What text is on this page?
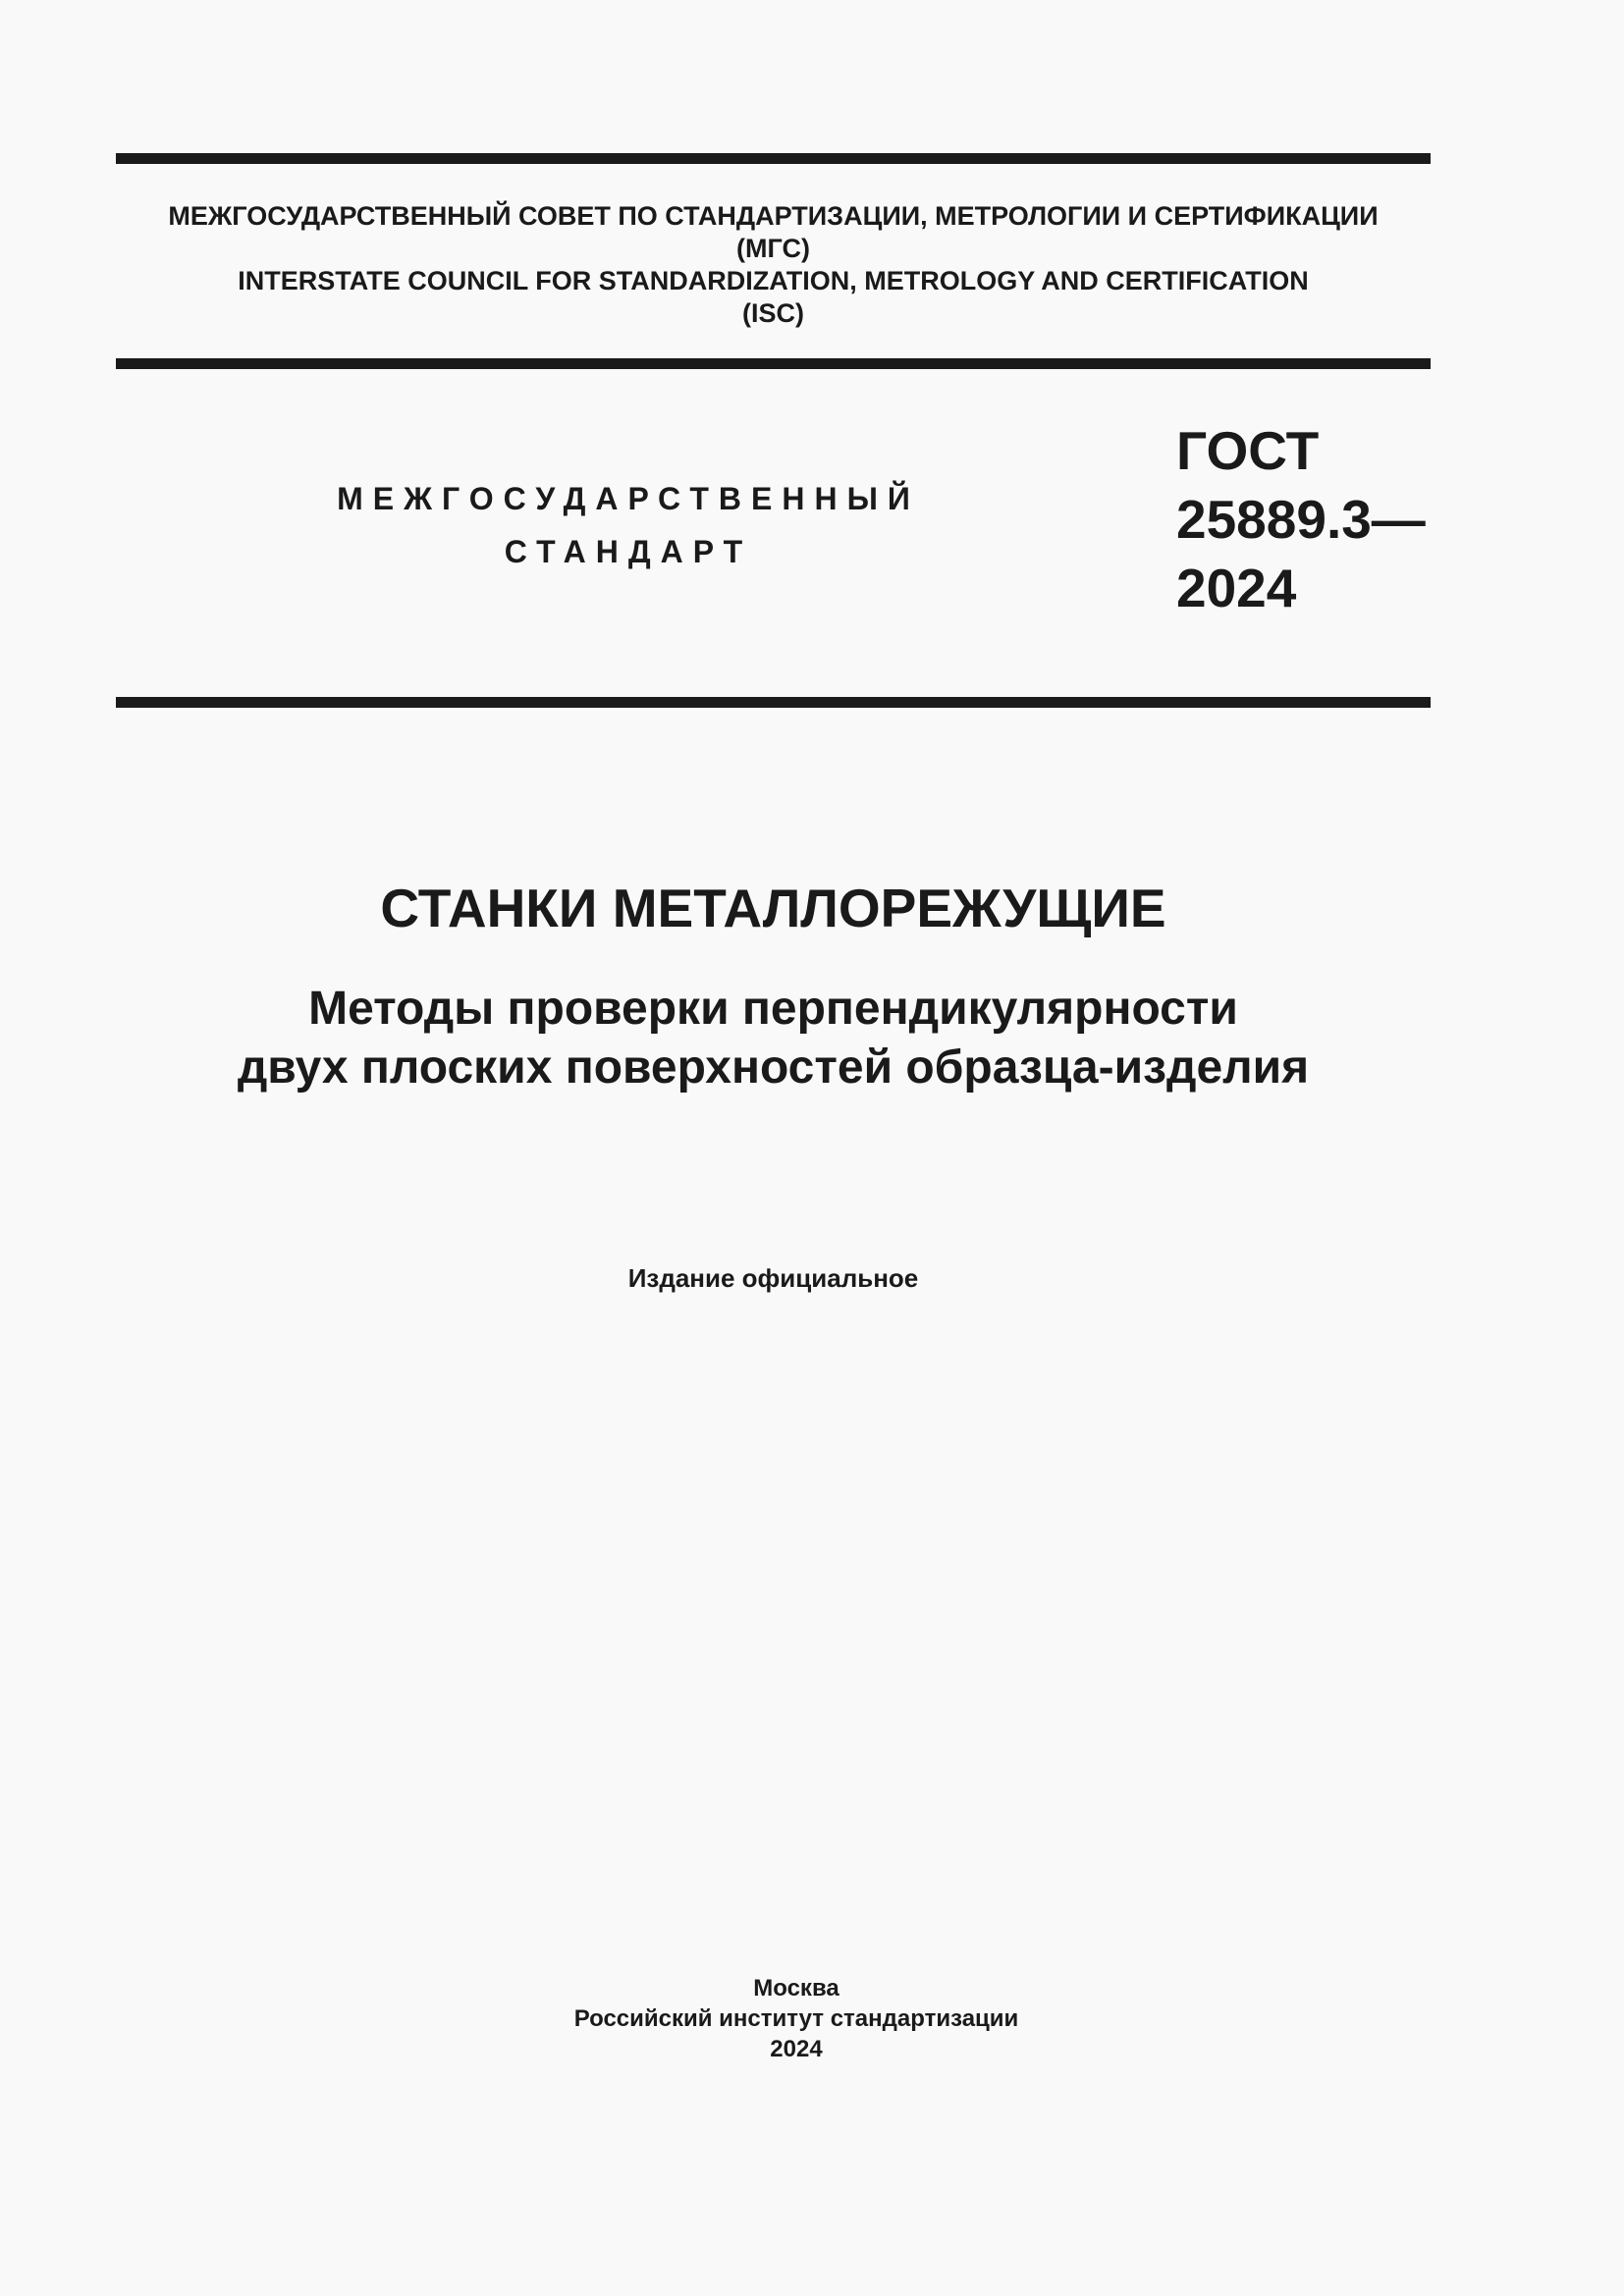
МЕЖГОСУДАРСТВЕННЫЙ СОВЕТ ПО СТАНДАРТИЗАЦИИ, МЕТРОЛОГИИ И СЕРТИФИКАЦИИ
(МГС)
INTERSTATE COUNCIL FOR STANDARDIZATION, METROLOGY AND CERTIFICATION
(ISC)
МЕЖГОСУДАРСТВЕННЫЙ
СТАНДАРТ
ГОСТ
25889.3—
2024
СТАНКИ МЕТАЛЛОРЕЖУЩИЕ
Методы проверки перпендикулярности
двух плоских поверхностей образца-изделия
Издание официальное
Москва
Российский институт стандартизации
2024
